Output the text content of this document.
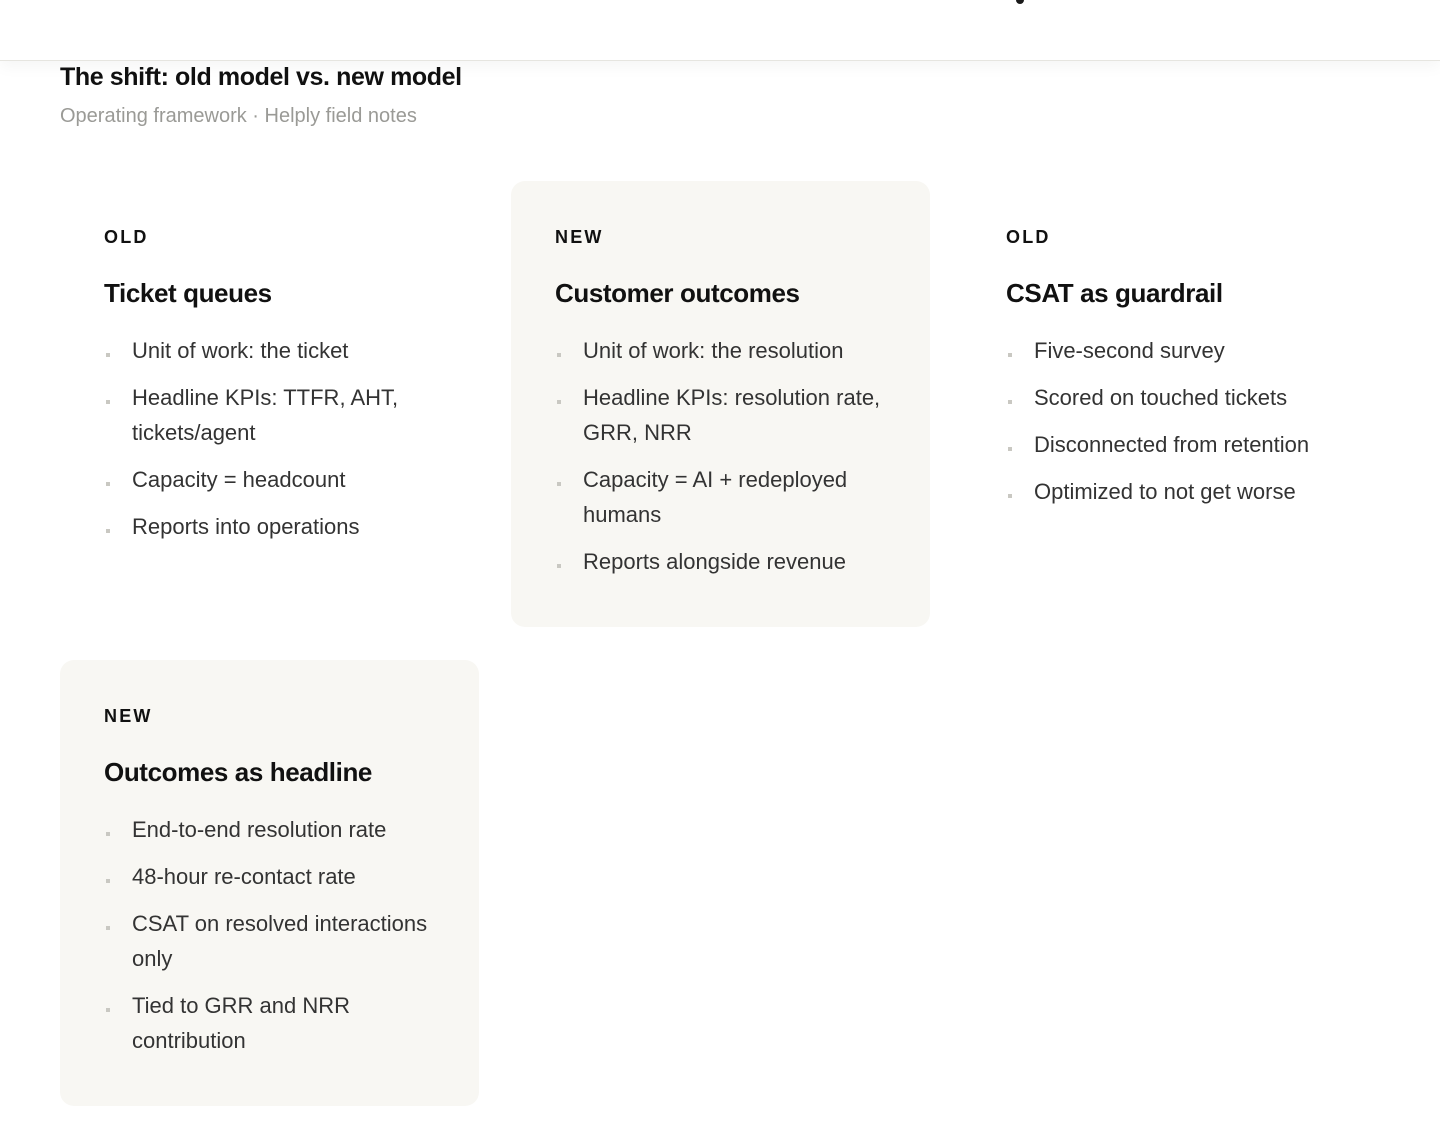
The shift: old model vs. new model

Operating framework · Helply field notes

OLD

Ticket queues
Unit of work: the ticket
Headline KPIs: TTFR, AHT, tickets/agent
Capacity = headcount
Reports into operations

NEW

Customer outcomes
Unit of work: the resolution
Headline KPIs: resolution rate, GRR, NRR
Capacity = AI + redeployed humans
Reports alongside revenue

OLD

CSAT as guardrail
Five-second survey
Scored on touched tickets
Disconnected from retention
Optimized to not get worse

NEW

Outcomes as headline
End-to-end resolution rate
48-hour re-contact rate
CSAT on resolved interactions only
Tied to GRR and NRR contribution
